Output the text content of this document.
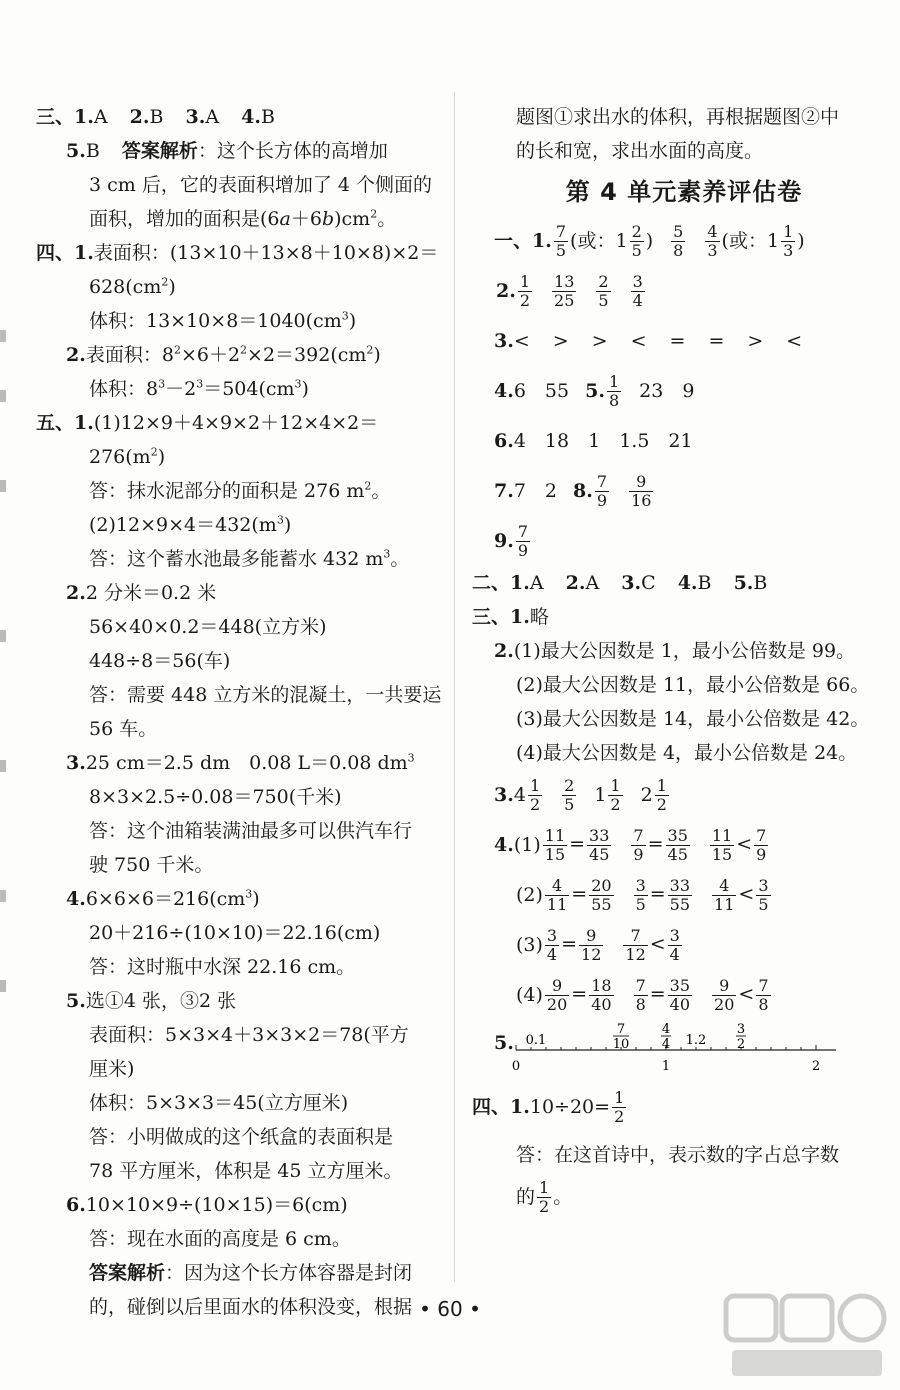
三、1.A 2.B 3.A 4.B
5.B 答案解析：这个长方体的高增加
3 cm 后，它的表面积增加了 4 个侧面的
面积，增加的面积是$(6a+6b)cm^2$。
四、1.表面积：(13×10＋13×8＋10×8)×2＝
$628(cm^2)$
体积：$13\times 10\times 8=1040(cm^3)$
2.表面积：$8^2\times 6+2^2\times 2=392(cm^2)$
体积：$8^3-2^3=504(cm^3)$
五、1.(1)12×9＋4×9×2＋12×4×2＝
$276(m^2)$
答：抹水泥部分的面积是 276 $m^2$。
$(2)12\times 9\times 4=432(m^3)$
答：这个蓄水池最多能蓄水 432 $m^3$。
2.2 分米＝0.2 米
56×40×0.2＝448(立方米)
448÷8＝56(车)
答：需要 448 立方米的混凝土，一共要运
56 车。
3.25 cm＝2.5 dm　0.08 L＝0.08 $dm^3$
8×3×2.5÷0.08＝750(千米)
答：这个油箱装满油最多可以供汽车行
驶 750 千米。
$4.6\times 6\times 6=216(cm^3)$
20＋216÷(10×10)＝22.16(cm)
答：这时瓶中水深 22.16 cm。
5.选①4 张，③2 张
表面积：5×3×4＋3×3×2＝78(平方
厘米)
体积：5×3×3＝45(立方厘米)
答：小明做成的这个纸盒的表面积是
78 平方厘米，体积是 45 立方厘米。
6.10×10×9÷(10×15)＝6(cm)
答：现在水面的高度是 6 cm。
答案解析：因为这个长方体容器是封闭
的，碰倒以后里面水的体积没变，根据
题图①求出水的体积，再根据题图②中
的长和宽，求出水面的高度。
第 4 单元素养评估卷
一、 1. $\frac{7}{5}$ (或：$1 \frac{2}{5}$ ) $\frac{5}{8} \frac{4}{3}$ (或：$1 \frac{1}{3}$ )
2. $\frac{1}{2} \frac{13}{25} \frac{2}{5} \frac{3}{4}$
3. <　>　>　<　=　=　>　<
4. 6　55 5. $\frac{1}{8} 23$　9
6. 4　18　1　1.5　21
7. 7　2 8. $\frac{7}{9} \frac{9}{16}$
9. $\frac{7}{9}$
二、1.A 2.A 3.C 4.B 5.B
三、1.略
2.(1)最大公因数是 1，最小公倍数是 99。
(2)最大公因数是 11，最小公倍数是 66。
(3)最大公因数是 14，最小公倍数是 42。
(4)最大公因数是 4，最小公倍数是 24。
3. $4 \frac{1}{2} \frac{2}{5} 1 \frac{1}{2} 2 \frac{1}{2}$
4. $(1) \frac{11}{15} = \frac{33}{45} \frac{7}{9} = \frac{35}{45} \frac{11}{15} < \frac{7}{9}$
$(2) \frac{4}{11} = \frac{20}{55} \frac{3}{5} = \frac{33}{55} \frac{4}{11} < \frac{3}{5}$
$(3) \frac{3}{4} = \frac{9}{12} \frac{7}{12} < \frac{3}{4}$
$(4) \frac{9}{20} = \frac{18}{40} \frac{7}{8} = \frac{35}{40} \frac{9}{20} < \frac{7}{8}$
5. 0.1
7
10
4
4 1.2
3
2
0	1	2
四、 1. $10\div 20= \frac{1}{2}$
答：在这首诗中，表示数的字占总字数
的 $\frac{1}{2}$ 。
• 60 •
